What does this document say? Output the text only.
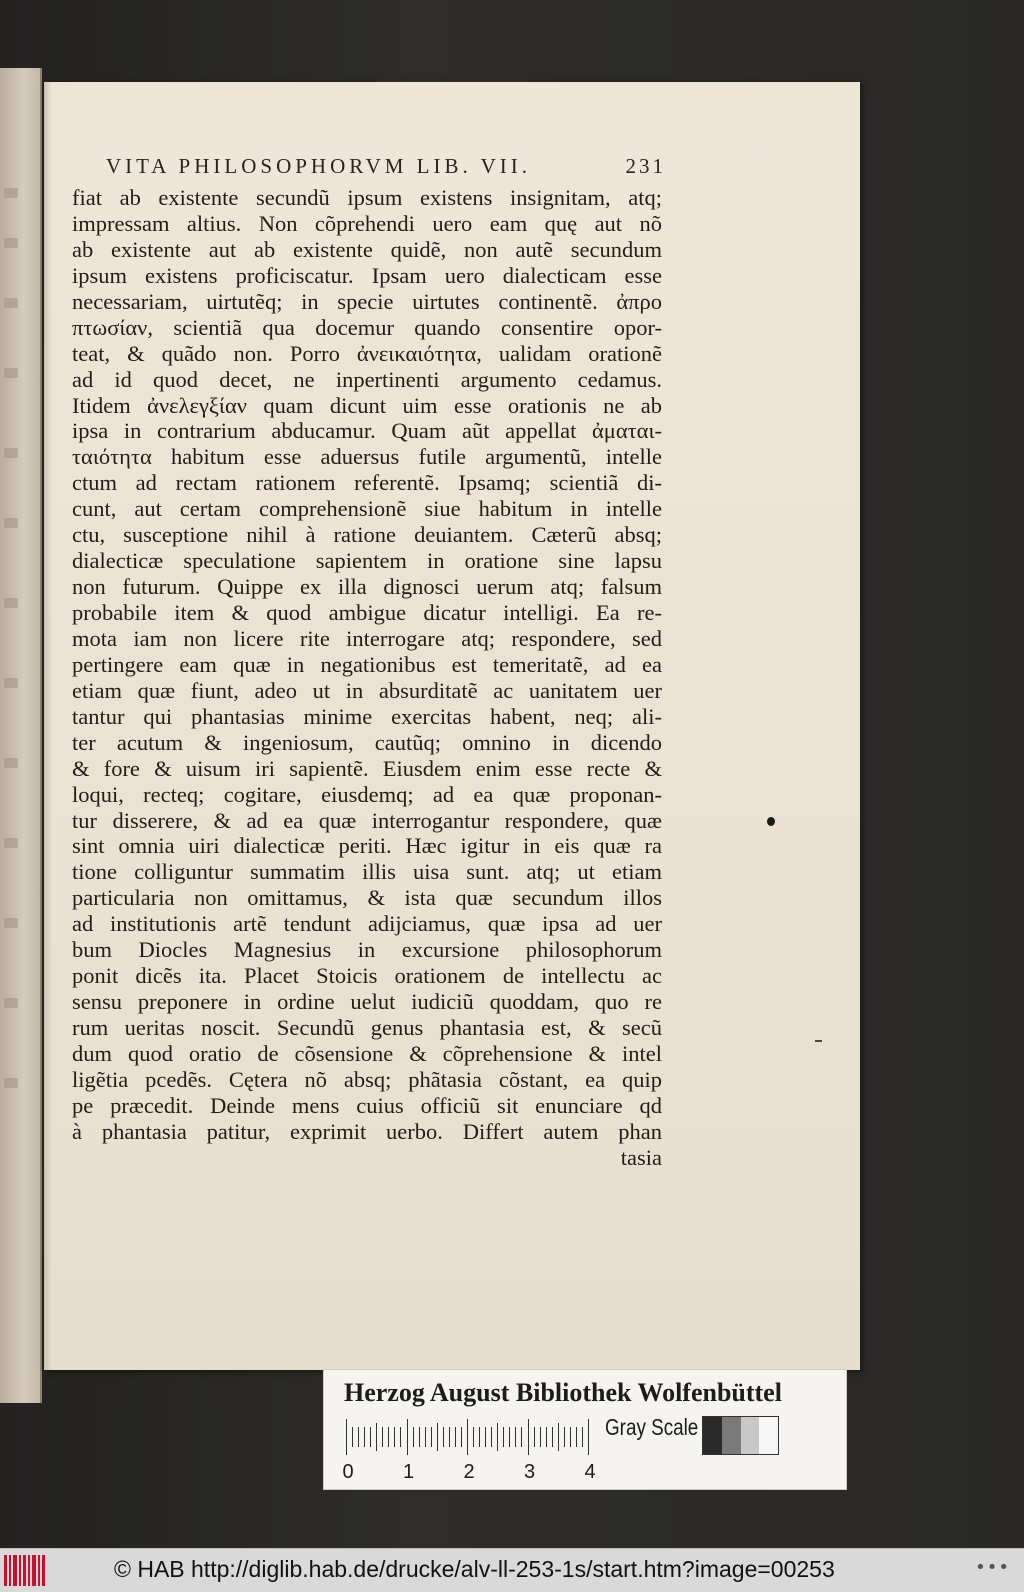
VITA PHILOSOPHORVM LIB. VII.	231
fiat ab existente secundũ ipsum existens insignitam, atq;
impressam altius. Non cõprehendi uero eam quę aut nõ
ab existente aut ab existente quidẽ, non autẽ secundum
ipsum existens proficiscatur. Ipsam uero dialecticam esse
necessariam, uirtutẽq; in specie uirtutes continentẽ. ἀπρο
πτωσίαν, scientiã qua docemur quando consentire opor-
teat, & quãdo non. Porro ἀνεικαιότητα, ualidam orationẽ
ad id quod decet, ne inpertinenti argumento cedamus.
Itidem ἀνελεγξίαν quam dicunt uim esse orationis ne ab
ipsa in contrarium abducamur. Quam aũt appellat ἀμαται-
ταιότητα habitum esse aduersus futile argumentũ, intelle
ctum ad rectam rationem referentẽ. Ipsamq; scientiã di-
cunt, aut certam comprehensionẽ siue habitum in intelle
ctu, susceptione nihil à ratione deuiantem. Cæterũ absq;
dialecticæ speculatione sapientem in oratione sine lapsu
non futurum. Quippe ex illa dignosci uerum atq; falsum
probabile item & quod ambigue dicatur intelligi. Ea re-
mota iam non licere rite interrogare atq; respondere, sed
pertingere eam quæ in negationibus est temeritatẽ, ad ea
etiam quæ fiunt, adeo ut in absurditatẽ ac uanitatem uer
tantur qui phantasias minime exercitas habent, neq; ali-
ter acutum & ingeniosum, cautũq; omnino in dicendo
& fore & uisum iri sapientẽ. Eiusdem enim esse recte &
loqui, recteq; cogitare, eiusdemq; ad ea quæ proponan-
tur disserere, & ad ea quæ interrogantur respondere, quæ
sint omnia uiri dialecticæ periti. Hæc igitur in eis quæ ra
tione colliguntur summatim illis uisa sunt. atq; ut etiam
particularia non omittamus, & ista quæ secundum illos
ad institutionis artẽ tendunt adijciamus, quæ ipsa ad uer
bum Diocles Magnesius in excursione philosophorum
ponit dicẽs ita. Placet Stoicis orationem de intellectu ac
sensu preponere in ordine uelut iudiciũ quoddam, quo re
rum ueritas noscit. Secundũ genus phantasia est, & secũ
dum quod oratio de cõsensione & cõprehensione & intel
ligẽtia pcedẽs. Cętera nõ absq; phãtasia cõstant, ea quip
pe præcedit. Deinde mens cuius officiũ sit enunciare qd
à phantasia patitur, exprimit uerbo. Differt autem phan
tasia
Herzog August Bibliothek Wolfenbüttel
0 1 2 3 4
Gray Scale
© HAB http://diglib.hab.de/drucke/alv-ll-253-1s/start.htm?image=00253	•••
